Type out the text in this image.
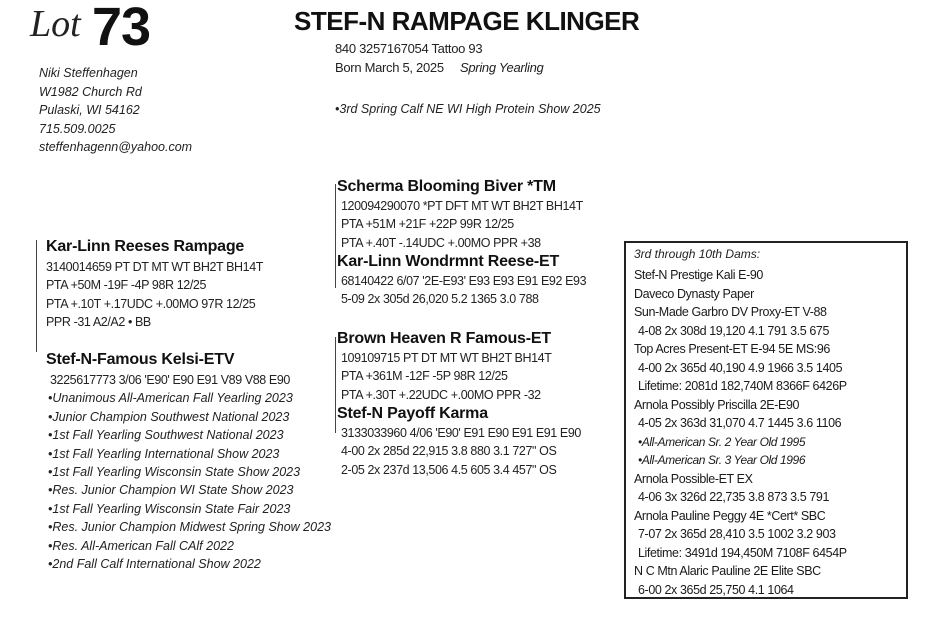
Lot 73	STEF-N RAMPAGE KLINGER
840 3257167054 Tattoo 93
Born March 5, 2025 Spring Yearling
•3rd Spring Calf NE WI High Protein Show 2025
Niki Steffenhagen
W1982 Church Rd
Pulaski, WI 54162
715.509.0025
steffenhagenn@yahoo.com
Kar-Linn Reeses Rampage
3140014659 PT DT MT WT BH2T BH14T
PTA +50M -19F -4P 98R 12/25
PTA +.10T +.17UDC +.00MO 97R 12/25
PPR -31 A2/A2 • BB
Stef-N-Famous Kelsi-ETV
3225617773 3/06 'E90' E90 E91 V89 V88 E90
•Unanimous All-American Fall Yearling 2023
•Junior Champion Southwest National 2023
•1st Fall Yearling Southwest National 2023
•1st Fall Yearling International Show 2023
•1st Fall Yearling Wisconsin State Show 2023
•Res. Junior Champion WI State Show 2023
•1st Fall Yearling Wisconsin State Fair 2023
•Res. Junior Champion Midwest Spring Show 2023
•Res. All-American Fall CAlf 2022
•2nd Fall Calf International Show 2022
Scherma Blooming Biver *TM
120094290070 *PT DFT MT WT BH2T BH14T
PTA +51M +21F +22P 99R 12/25
PTA +.40T -.14UDC +.00MO PPR +38
Kar-Linn Wondrmnt Reese-ET
68140422 6/07 '2E-E93' E93 E93 E91 E92 E93
5-09 2x 305d 26,020 5.2 1365 3.0 788
Brown Heaven R Famous-ET
109109715 PT DT MT WT BH2T BH14T
PTA +361M -12F -5P 98R 12/25
PTA +.30T +.22UDC +.00MO PPR -32
Stef-N Payoff Karma
3133033960 4/06 'E90' E91 E90 E91 E91 E90
4-00 2x 285d 22,915 3.8 880 3.1 727" OS
2-05 2x 237d 13,506 4.5 605 3.4 457" OS
3rd through 10th Dams:
Stef-N Prestige Kali E-90
Daveco Dynasty Paper
Sun-Made Garbro DV Proxy-ET V-88
4-08 2x 308d 19,120 4.1 791 3.5 675
Top Acres Present-ET E-94 5E MS:96
4-00 2x 365d 40,190 4.9 1966 3.5 1405
Lifetime: 2081d 182,740M 8366F 6426P
Arnola Possibly Priscilla 2E-E90
4-05 2x 363d 31,070 4.7 1445 3.6 1106
•All-American Sr. 2 Year Old 1995
•All-American Sr. 3 Year Old 1996
Arnola Possible-ET EX
4-06 3x 326d 22,735 3.8 873 3.5 791
Arnola Pauline Peggy 4E *Cert* SBC
7-07 2x 365d 28,410 3.5 1002 3.2 903
Lifetime: 3491d 194,450M 7108F 6454P
N C Mtn Alaric Pauline 2E Elite SBC
6-00 2x 365d 25,750 4.1 1064
